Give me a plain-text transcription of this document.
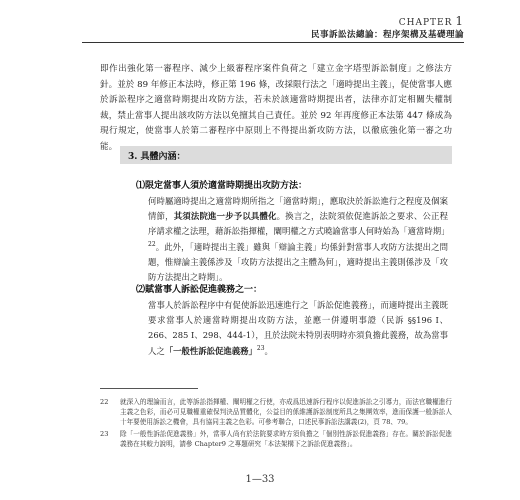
CHAPTER 1
民事訴訟法總論：程序架構及基礎理論
即作出強化第一審程序、減少上級審程序案件負荷之「建立金字塔型訴訟制度」之修法方針。並於 89 年修正本法時，修正第 196 條，改採限行法之「適時提出主義」，促使當事人應於訴訟程序之適當時期提出攻防方法，若未於該適當時期提出者，法律亦訂定相關失權制裁，禁止當事人提出該攻防方法以免擅其自己責任。並於 92 年再度修正本法第 447 條成為現行規定，使當事人於第二審程序中原則上不得提出新攻防方法，以徹底強化第一審之功能。
3. 具體內涵：
⑴限定當事人須於適當時期提出攻防方法：
何時屬適時提出之適當時期所指之「適當時期」，應取決於訴訟進行之程度及個案情節，其須法院進一步予以具體化。換言之，法院須依促進訴訟之要求、公正程序請求權之法理，藉訴訟指揮權，闡明權之方式曉諭當事人何時始為「適當時期」$^{22}$。此外，「適時提出主義」雖與「辯論主義」均係針對當事人攻防方法提出之問題，惟辯論主義係涉及「攻防方法提出之主體為何」，適時提出主義則係涉及「攻防方法提出之時期」。
⑵賦當事人訴訟促進義務之一：
當事人於訴訟程序中有促使訴訟迅速進行之「訴訟促進義務」，而適時提出主義既要求當事人於適當時期提出攻防方法，並應一併遵明事證（民訴 §§196 Ⅰ、266、285 Ⅰ、298、444-1），且於法院未特別表明時亦須負擔此義務，故為當事人之「一般性訴訟促進義務」$^{23}$。
22 就深入的理論而言，此等訴訟指揮權、闡明權之行使，亦成爲迅速訴行程序以促進訴訟之引導力，而法官職權進行主義之色彩，而必可見職權重確保判決品質體化，公益目的係維護訴訟制度所具之集團效率，進而保護一般訴訟人十年要使用訴訟之機會，具有協同主義之色彩。可參考聯合，口述民事訴訟法講義(2)，頁 78、79。
23 除「一般性訴訟促進義務」外，當事人尚有於法院要求時方須負擔之「個別性訴訟促進義務」存在。關於訴訟促進義務在其較力說明，請參 Chapter9 之專題研究「本法架構下之訴訟促進義務」。
1—33
